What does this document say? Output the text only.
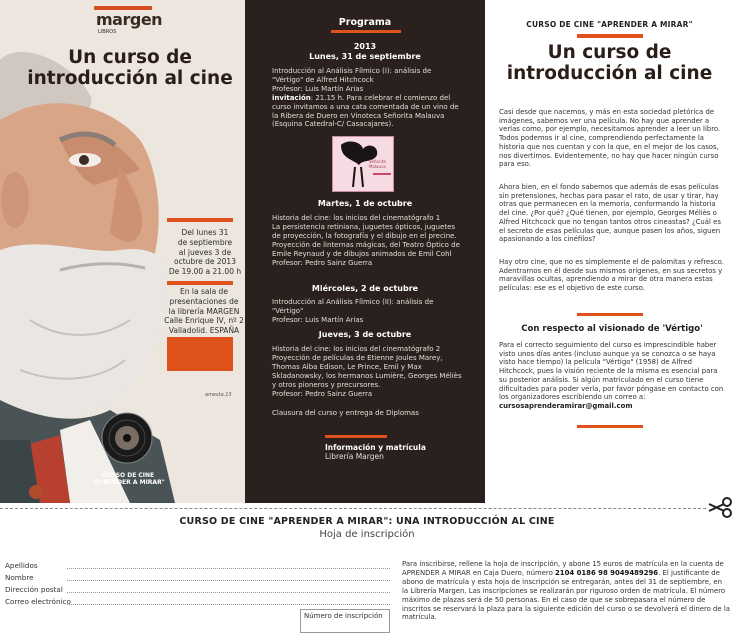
margen
LIBROS
Un curso de
introducción al cine
Del lunes 31
de septiembre
al jueves 3 de
octubre de 2013
De 19.00 a 21.00 h
En la sala de
presentaciones de
la librería MARGEN
Calle Enrique IV, nº 2
Valladolid. ESPAÑA
CURSO DE CINE
"APRENDER A MIRAR"
amesta.13
Programa
2013
Lunes, 31 de septiembre
Introducción al Análisis Fílmico (I): análisis de
"Vértigo" de Alfred Hitchcock
Profesor: Luis Martín Arias
invitación: 21.15 h. Para celebrar el comienzo del curso invitamos a una cata comentada de un vino de la Ribera de Duero en Vinoteca Señorita Malauva (Esquina Catedral-C/ Casacajares).
Señorita Malauva
Martes, 1 de octubre
Historia del cine: los inicios del cinematógrafo 1
La persistencia retiniana, juguetes ópticos, juguetes de proyección, la fotografía y el dibujo en el precine. Proyección de linternas mágicas, del Teatro Óptico de Emile Reynaud y de dibujos animados de Emil Cohl
Profesor: Pedro Sainz Guerra
Miércoles, 2 de octubre
Introducción al Análisis Fílmico (II): análisis de "Vértigo"
Profesor: Luis Martín Arias
Jueves, 3 de octubre
Historia del cine: los inicios del cinematógrafo 2
Proyección de películas de Etienne Joules Marey, Thomas Alba Edison, Le Prince, Emil y Max Skladanowsky, los hermanos Lumière, Georges Méliès y otros pioneros y precursores.
Profesor: Pedro Sainz Guerra
Clausura del curso y entrega de Diplomas
Información y matrícula
Librería Margen
CURSO DE CINE "APRENDER A MIRAR"
Un curso de
introducción al cine

Casi desde que nacemos, y más en esta sociedad pletórica de imágenes, sabemos ver una película. No hay que aprender a verlas como, por ejemplo, necesitamos aprender a leer un libro. Todos podemos ir al cine, comprendiendo perfectamente la historia que nos cuentan y con la que, en el mejor de los casos, nos divertimos. Evidentemente, no hay que hacer ningún curso para eso.

Ahora bien, en el fondo sabemos que además de esas películas sin pretensiones, hechas para pasar el rato, de usar y tirar, hay otras que permanecen en la memoria, conformando la historia del cine. ¿Por qué? ¿Qué tienen, por ejemplo, Georges Méliès o Alfred Hitchcock que no tengan tantos otros cineastas? ¿Cuál es el secreto de esas películas que, aunque pasen los años, siguen apasionando a los cinéfilos?

Hay otro cine, que no es simplemente el de palomitas y refresco. Adentrarnos en él desde sus mismos orígenes, en sus secretos y maravillas ocultas, aprendiendo a mirar de otra manera estas películas: ese es el objetivo de este curso.

Con respecto al visionado de 'Vértigo'

Para el correcto seguimiento del curso es imprescindible haber visto unos días antes (incluso aunque ya se conozca o se haya visto hace tiempo) la película "Vértigo" (1958) de Alfred Hitchcock, pues la visión reciente de la misma es esencial para su posterior análisis. Si algún matriculado en el curso tiene dificultades para poder verla, por favor póngase en contacto con los organizadores escribiendo un correo a:
cursosaprenderamirar@gmail.com

CURSO DE CINE "APRENDER A MIRAR": UNA INTRODUCCIÓN AL CINE
Hoja de inscripción
Apellidos
Nombre
Dirección postal
Correo electrónico
Número de inscripción
Para inscribirse, rellene la hoja de inscripción, y abone 15 euros de matrícula en la cuenta de APRENDER A MIRAR en Caja Duero, número 2104 0186 98 9049489296. El justificante de abono de matrícula y esta hoja de inscripción se entregarán, antes del 31 de septiembre, en la Librería Margen. Las inscripciones se realizarán por riguroso orden de matrícula. El número máximo de plazas será de 50 personas. En el caso de que se sobrepasara el número de inscritos se reservará la plaza para la siguiente edición del curso o se devolverá el dinero de la matrícula.
